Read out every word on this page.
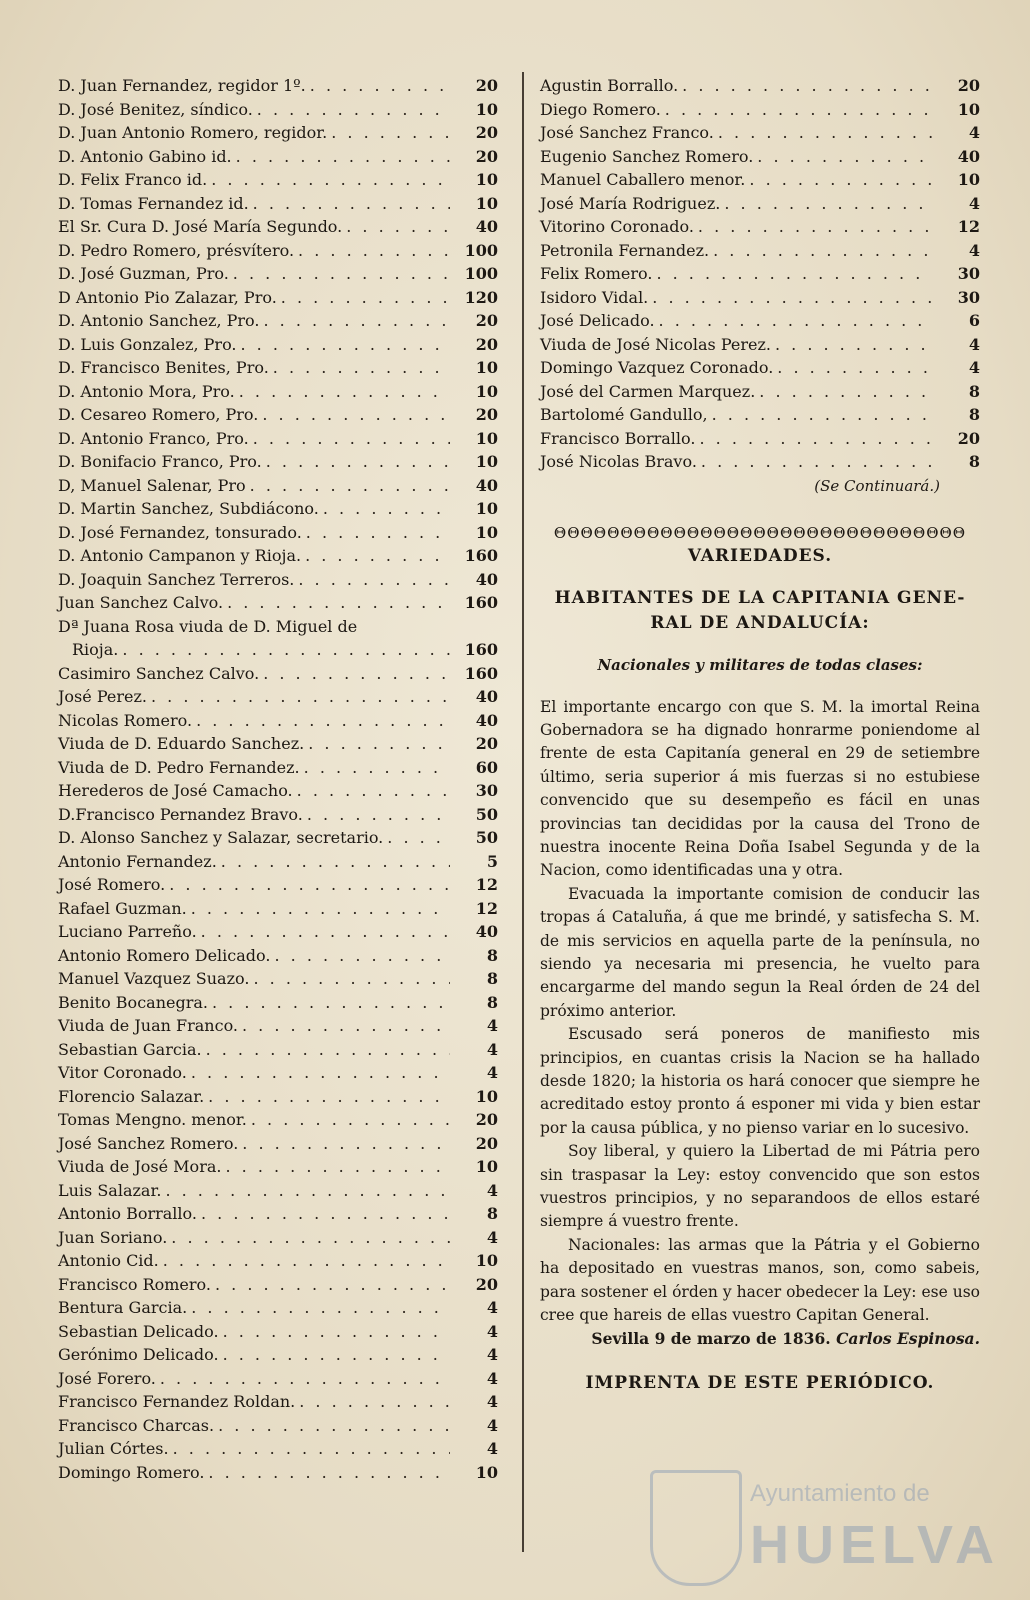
D. Juan Fernandez, regidor 1º. . . .	20
D. José Benitez, síndico. . . .	10
D. Juan Antonio Romero, regidor. . . .	20
D. Antonio Gabino id. . . .	20
D. Felix Franco id. . . .	10
D. Tomas Fernandez id. . . .	10
El Sr. Cura D. José María Segundo. . . .	40
D. Pedro Romero, présvítero. . . .	100
D. José Guzman, Pro. . . .	100
D Antonio Pio Zalazar, Pro. . . .	120
D. Antonio Sanchez, Pro. . . .	20
D. Luis Gonzalez, Pro. . . .	20
D. Francisco Benites, Pro. . . .	10
D. Antonio Mora, Pro. . . .	10
D. Cesareo Romero, Pro. . . .	20
D. Antonio Franco, Pro. . . .	10
D. Bonifacio Franco, Pro. . . .	10
D, Manuel Salenar, Pro . . .	40
D. Martin Sanchez, Subdiácono. . . .	10
D. José Fernandez, tonsurado. . . .	10
D. Antonio Campanon y Rioja. . . .	160
D. Joaquin Sanchez Terreros. . . .	40
Juan Sanchez Calvo. . . .	160
Dª Juana Rosa viuda de D. Miguel de
Rioja. . . .	160
Casimiro Sanchez Calvo. . . .	160
José Perez. . . .	40
Nicolas Romero. . . .	40
Viuda de D. Eduardo Sanchez. . . .	20
Viuda de D. Pedro Fernandez. . . .	60
Herederos de José Camacho. . . .	30
D.Francisco Pernandez Bravo. . . .	50
D. Alonso Sanchez y Salazar, secretario. . . .	50
Antonio Fernandez. . . .	5
José Romero. . . .	12
Rafael Guzman. . . .	12
Luciano Parreño. . . .	40
Antonio Romero Delicado. . . .	8
Manuel Vazquez Suazo. . . .	8
Benito Bocanegra. . . .	8
Viuda de Juan Franco. . . .	4
Sebastian Garcia. . . .	4
Vitor Coronado. . . .	4
Florencio Salazar. . . .	10
Tomas Mengno. menor. . . .	20
José Sanchez Romero. . . .	20
Viuda de José Mora. . . .	10
Luis Salazar. . . .	4
Antonio Borrallo. . . .	8
Juan Soriano. . . .	4
Antonio Cid. . . .	10
Francisco Romero. . . .	20
Bentura Garcia. . . .	4
Sebastian Delicado. . . .	4
Gerónimo Delicado. . . .	4
José Forero. . . .	4
Francisco Fernandez Roldan. . . .	4
Francisco Charcas. . . .	4
Julian Córtes. . . .	4
Domingo Romero. . . .	10
Agustin Borrallo. . . .	20
Diego Romero. . . .	10
José Sanchez Franco. . . .	4
Eugenio Sanchez Romero. . . .	40
Manuel Caballero menor. . . .	10
José María Rodriguez. . . .	4
Vitorino Coronado. . . .	12
Petronila Fernandez. . . .	4
Felix Romero. . . .	30
Isidoro Vidal. . . .	30
José Delicado. . . .	6
Viuda de José Nicolas Perez. . . .	4
Domingo Vazquez Coronado. . . .	4
José del Carmen Marquez. . . .	8
Bartolomé Gandullo, . . .	8
Francisco Borrallo. . . .	20
José Nicolas Bravo. . . .	8
(Se Continuará.)
ΘΘΘΘΘΘΘΘΘΘΘΘΘΘΘΘΘΘΘΘΘΘΘΘΘΘΘΘΘΘΘ
VARIEDADES.
HABITANTES DE LA CAPITANIA GENE-
RAL DE ANDALUCÍA:
Nacionales y militares de todas clases:

El importante encargo con que S. M. la imortal Reina Gobernadora se ha dignado honrarme poniendome al frente de esta Capitanía general en 29 de setiembre último, seria superior á mis fuerzas si no estubiese convencido que su desempeño es fácil en unas provincias tan decididas por la causa del Trono de nuestra inocente Reina Doña Isabel Segunda y de la Nacion, como identificadas una y otra.

Evacuada la importante comision de conducir las tropas á Cataluña, á que me brindé, y satisfecha S. M. de mis servicios en aquella parte de la península, no siendo ya necesaria mi presencia, he vuelto para encargarme del mando segun la Real órden de 24 del próximo anterior.

Escusado será poneros de manifiesto mis principios, en cuantas crisis la Nacion se ha hallado desde 1820; la historia os hará conocer que siempre he acreditado estoy pronto á esponer mi vida y bien estar por la causa pública, y no pienso variar en lo sucesivo.

Soy liberal, y quiero la Libertad de mi Pátria pero sin traspasar la Ley: estoy convencido que son estos vuestros principios, y no separandoos de ellos estaré siempre á vuestro frente.

Nacionales: las armas que la Pátria y el Gobierno ha depositado en vuestras manos, son, como sabeis, para sostener el órden y hacer obedecer la Ley: ese uso cree que hareis de ellas vuestro Capitan General.

Sevilla 9 de marzo de 1836. Carlos Espinosa.
IMPRENTA DE ESTE PERIÓDICO.
Ayuntamiento de
HUELVA
